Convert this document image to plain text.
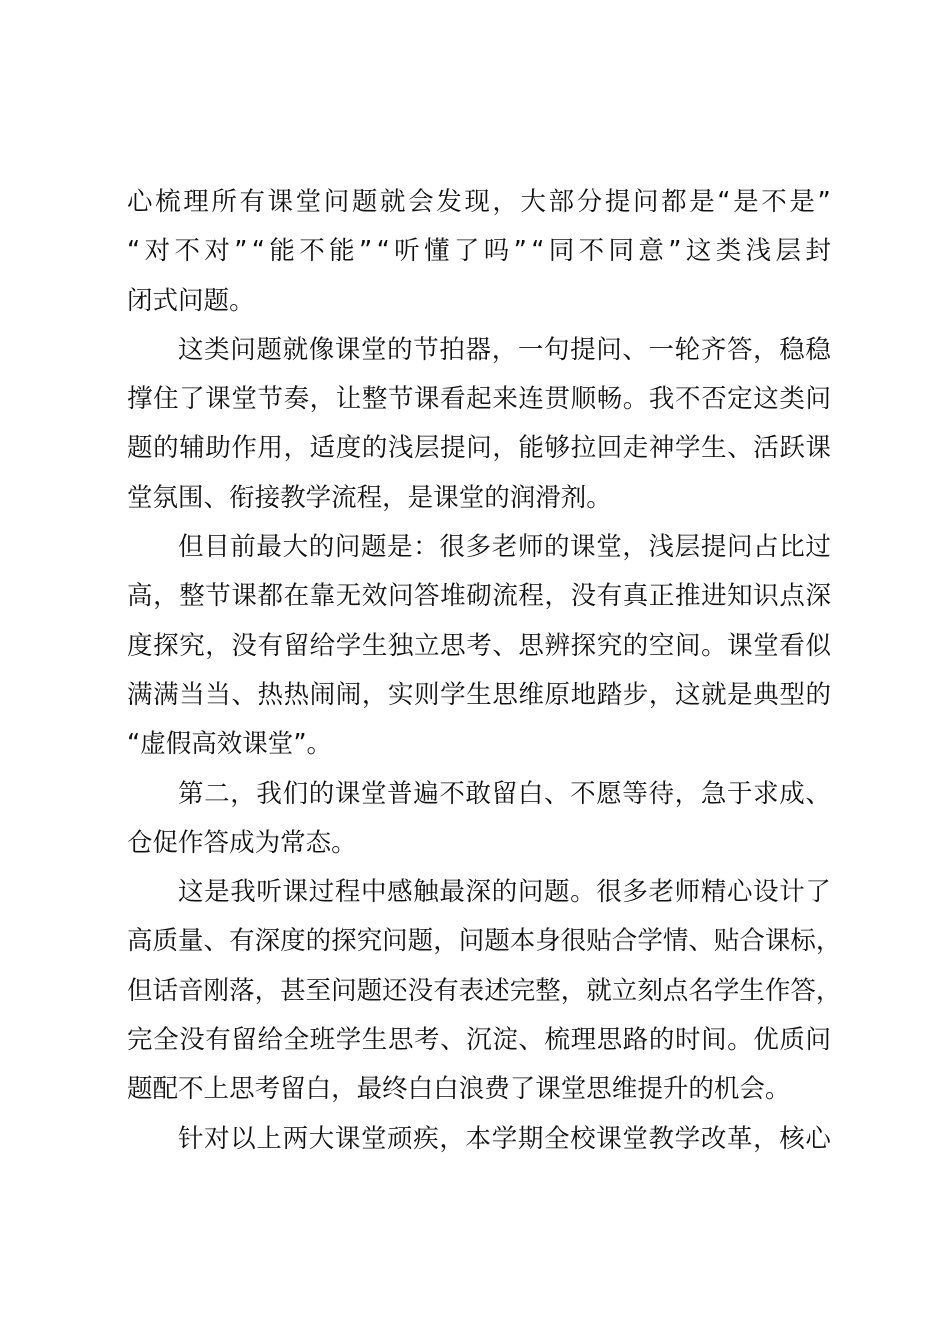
心 梳 理 所 有 课 堂 问 题 就 会 发 现 ， 大 部 分 提 问 都 是 “ 是 不 是 ”
“ 对 不 对 ” “ 能 不 能 ” “ 听 懂 了 吗 ” “ 同 不 同 意 ” 这 类 浅 层 封
闭 式 问 题 。
这 类 问 题 就 像 课 堂 的 节 拍 器 ， 一 句 提 问 、 一 轮 齐 答 ， 稳 稳
撑 住 了 课 堂 节 奏 ， 让 整 节 课 看 起 来 连 贯 顺 畅 。 我 不 否 定 这 类 问
题 的 辅 助 作 用 ， 适 度 的 浅 层 提 问 ， 能 够 拉 回 走 神 学 生 、 活 跃 课
堂 氛 围 、 衔 接 教 学 流 程 ， 是 课 堂 的 润 滑 剂 。
但 目 前 最 大 的 问 题 是 ： 很 多 老 师 的 课 堂 ， 浅 层 提 问 占 比 过
高 ， 整 节 课 都 在 靠 无 效 问 答 堆 砌 流 程 ， 没 有 真 正 推 进 知 识 点 深
度 探 究 ， 没 有 留 给 学 生 独 立 思 考 、 思 辨 探 究 的 空 间 。 课 堂 看 似
满 满 当 当 、 热 热 闹 闹 ， 实 则 学 生 思 维 原 地 踏 步 ， 这 就 是 典 型 的
“ 虚 假 高 效 课 堂 ” 。
第 二 ， 我 们 的 课 堂 普 遍 不 敢 留 白 、 不 愿 等 待 ， 急 于 求 成 、
仓 促 作 答 成 为 常 态 。
这 是 我 听 课 过 程 中 感 触 最 深 的 问 题 。 很 多 老 师 精 心 设 计 了
高 质 量 、 有 深 度 的 探 究 问 题 ， 问 题 本 身 很 贴 合 学 情 、 贴 合 课 标 ，
但 话 音 刚 落 ， 甚 至 问 题 还 没 有 表 述 完 整 ， 就 立 刻 点 名 学 生 作 答 ，
完 全 没 有 留 给 全 班 学 生 思 考 、 沉 淀 、 梳 理 思 路 的 时 间 。 优 质 问
题 配 不 上 思 考 留 白 ， 最 终 白 白 浪 费 了 课 堂 思 维 提 升 的 机 会 。
针 对 以 上 两 大 课 堂 顽 疾 ， 本 学 期 全 校 课 堂 教 学 改 革 ， 核 心
